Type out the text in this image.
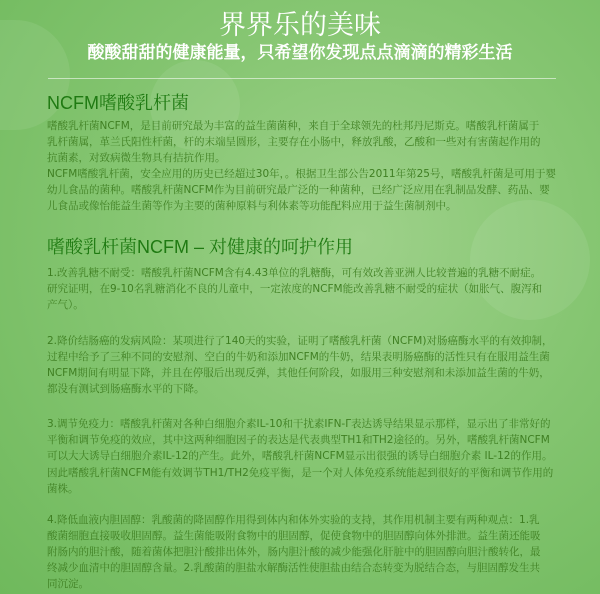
界界乐的美味
酸酸甜甜的健康能量，只希望你发现点点滴滴的精彩生活
NCFM嗜酸乳杆菌
嗜酸乳杆菌NCFM，是目前研究最为丰富的益生菌菌种，来自于全球领先的杜邦丹尼斯克。嗜酸乳杆菌属于
乳杆菌属，革兰氏阳性杆菌，杆的末端呈圆形，主要存在小肠中，释放乳酸，乙酸和一些对有害菌起作用的
抗菌素，对致病微生物具有拮抗作用。
NCFM嗜酸乳杆菌，安全应用的历史已经超过30年，。根据卫生部公告2011年第25号，嗜酸乳杆菌是可用于婴
幼儿食品的菌种。嗜酸乳杆菌NCFM作为目前研究最广泛的一种菌种，已经广泛应用在乳制品发酵、药品、婴
儿食品或像怡能益生菌等作为主要的菌种原料与利体素等功能配料应用于益生菌制剂中。
嗜酸乳杆菌NCFM – 对健康的呵护作用
1.改善乳糖不耐受：嗜酸乳杆菌NCFM含有4.43单位的乳糖酶，可有效改善亚洲人比较普遍的乳糖不耐症。
研究证明，在9-10名乳糖消化不良的儿童中，一定浓度的NCFM能改善乳糖不耐受的症状（如胀气、腹泻和
产气）。
2.降价结肠癌的发病风险：某项进行了140天的实验，证明了嗜酸乳杆菌（NCFM)对肠癌酶水平的有效抑制，
过程中给予了三种不同的安慰剂、空白的牛奶和添加NCFM的牛奶，结果表明肠癌酶的活性只有在服用益生菌
NCFM期间有明显下降，并且在停服后出现反弹，其他任何阶段，如服用三种安慰剂和未添加益生菌的牛奶，
都没有测试到肠癌酶水平的下降。
3.调节免疫力：嗜酸乳杆菌对各种白细胞介素IL-10和干扰素IFN-Γ表达诱导结果显示那样，显示出了非常好的
平衡和调节免疫的效应，其中这两种细胞因子的表达是代表典型TH1和TH2途径的。另外，嗜酸乳杆菌NCFM
可以大大诱导白细胞介素IL-12的产生。此外，嗜酸乳杆菌NCFM显示出很强的诱导白细胞介素 IL-12的作用。
因此嗜酸乳杆菌NCFM能有效调节TH1/TH2免疫平衡，是一个对人体免疫系统能起到很好的平衡和调节作用的
菌株。
4.降低血液内胆固醇：乳酸菌的降固醇作用得到体内和体外实验的支持，其作用机制主要有两种观点：1.乳
酸菌细胞直接吸收胆固醇。益生菌能吸附食物中的胆固醇，促使食物中的胆固醇向体外排泄。益生菌还能吸
附肠内的胆汁酸，随着菌体把胆汁酸排出体外，肠内胆汁酸的减少能强化肝脏中的胆固醇向胆汁酸转化，最
终减少血清中的胆固醇含量。2.乳酸菌的胆盐水解酶活性使胆盐由结合态转变为脱结合态，与胆固醇发生共
同沉淀。
